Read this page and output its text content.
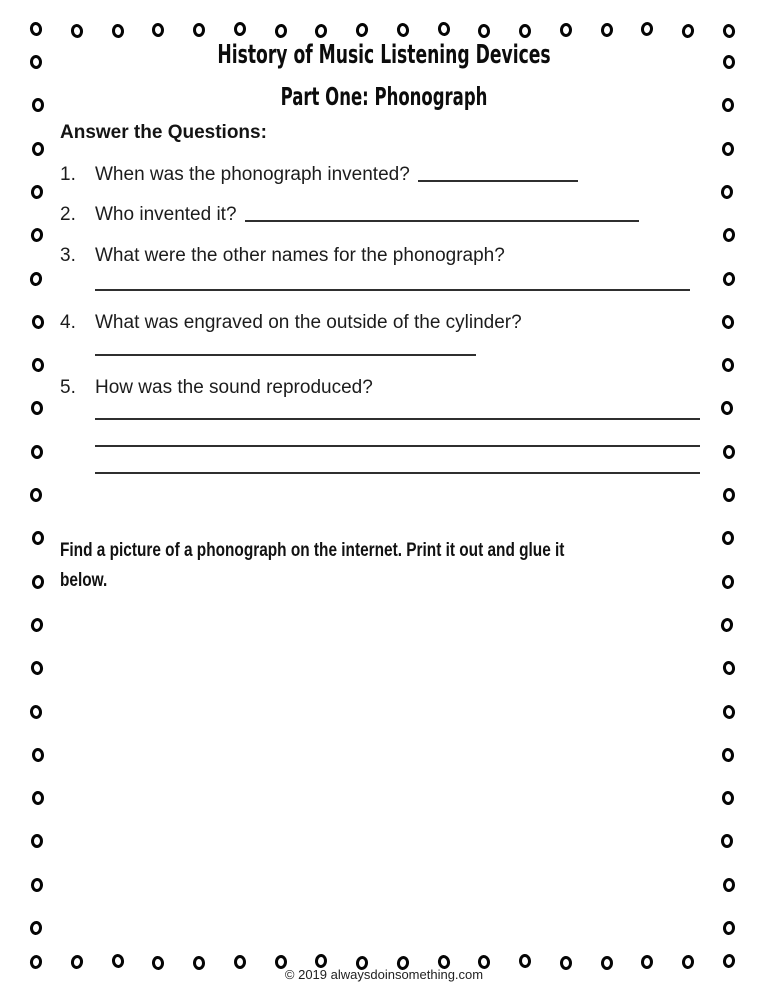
History of Music Listening Devices
Part One: Phonograph
Answer the Questions:
1.	When was the phonograph invented?
2.	Who invented it?
3.	What were the other names for the phonograph?
4.	What was engraved on the outside of the cylinder?
5.	How was the sound reproduced?
Find a picture of a phonograph on the internet. Print it out and glue it
below.
© 2019 alwaysdoinsomething.com
